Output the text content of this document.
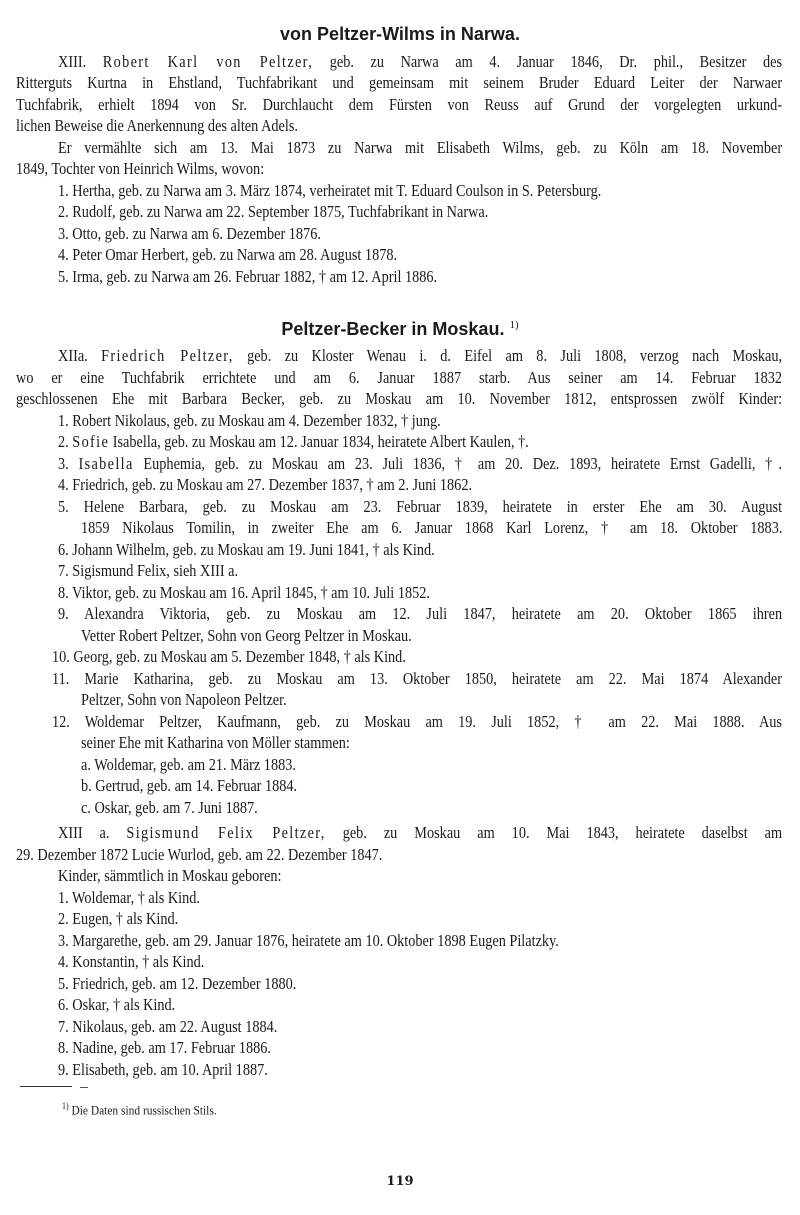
von Peltzer-Wilms in Narwa.
XIII. Robert Karl von Peltzer, geb. zu Narwa am 4. Januar 1846, Dr. phil., Besitzer des
Ritterguts Kurtna in Ehstland, Tuchfabrikant und gemeinsam mit seinem Bruder Eduard Leiter der Narwaer
Tuchfabrik, erhielt 1894 von Sr. Durchlaucht dem Fürsten von Reuss auf Grund der vorgelegten urkund-
lichen Beweise die Anerkennung des alten Adels.
Er vermählte sich am 13. Mai 1873 zu Narwa mit Elisabeth Wilms, geb. zu Köln am 18. November
1849, Tochter von Heinrich Wilms, wovon:
1. Hertha, geb. zu Narwa am 3. März 1874, verheiratet mit T. Eduard Coulson in S. Petersburg.
2. Rudolf, geb. zu Narwa am 22. September 1875, Tuchfabrikant in Narwa.
3. Otto, geb. zu Narwa am 6. Dezember 1876.
4. Peter Omar Herbert, geb. zu Narwa am 28. August 1878.
5. Irma, geb. zu Narwa am 26. Februar 1882, † am 12. April 1886.
Peltzer-Becker in Moskau. $^{1)}$
XIIa. Friedrich Peltzer, geb. zu Kloster Wenau i. d. Eifel am 8. Juli 1808, verzog nach Moskau,
wo er eine Tuchfabrik errichtete und am 6. Januar 1887 starb. Aus seiner am 14. Februar 1832
geschlossenen Ehe mit Barbara Becker, geb. zu Moskau am 10. November 1812, entsprossen zwölf Kinder:
1. Robert Nikolaus, geb. zu Moskau am 4. Dezember 1832, † jung.
2. Sofie Isabella, geb. zu Moskau am 12. Januar 1834, heiratete Albert Kaulen, †.
3. Isabella Euphemia, geb. zu Moskau am 23. Juli 1836, † am 20. Dez. 1893, heiratete Ernst Gadelli, †.
4. Friedrich, geb. zu Moskau am 27. Dezember 1837, † am 2. Juni 1862.
5. Helene Barbara, geb. zu Moskau am 23. Februar 1839, heiratete in erster Ehe am 30. August
1859 Nikolaus Tomilin, in zweiter Ehe am 6. Januar 1868 Karl Lorenz, † am 18. Oktober 1883.
6. Johann Wilhelm, geb. zu Moskau am 19. Juni 1841, † als Kind.
7. Sigismund Felix, sieh XIII a.
8. Viktor, geb. zu Moskau am 16. April 1845, † am 10. Juli 1852.
9. Alexandra Viktoria, geb. zu Moskau am 12. Juli 1847, heiratete am 20. Oktober 1865 ihren
Vetter Robert Peltzer, Sohn von Georg Peltzer in Moskau.
10. Georg, geb. zu Moskau am 5. Dezember 1848, † als Kind.
11. Marie Katharina, geb. zu Moskau am 13. Oktober 1850, heiratete am 22. Mai 1874 Alexander
Peltzer, Sohn von Napoleon Peltzer.
12. Woldemar Peltzer, Kaufmann, geb. zu Moskau am 19. Juli 1852, † am 22. Mai 1888. Aus
seiner Ehe mit Katharina von Möller stammen:
a. Woldemar, geb. am 21. März 1883.
b. Gertrud, geb. am 14. Februar 1884.
c. Oskar, geb. am 7. Juni 1887.
XIII a. Sigismund Felix Peltzer, geb. zu Moskau am 10. Mai 1843, heiratete daselbst am
29. Dezember 1872 Lucie Wurlod, geb. am 22. Dezember 1847.
Kinder, sämmtlich in Moskau geboren:
1. Woldemar, † als Kind.
2. Eugen, † als Kind.
3. Margarethe, geb. am 29. Januar 1876, heiratete am 10. Oktober 1898 Eugen Pilatzky.
4. Konstantin, † als Kind.
5. Friedrich, geb. am 12. Dezember 1880.
6. Oskar, † als Kind.
7. Nikolaus, geb. am 22. August 1884.
8. Nadine, geb. am 17. Februar 1886.
9. Elisabeth, geb. am 10. April 1887.
$^{1)}$ Die Daten sind russischen Stils.
119
